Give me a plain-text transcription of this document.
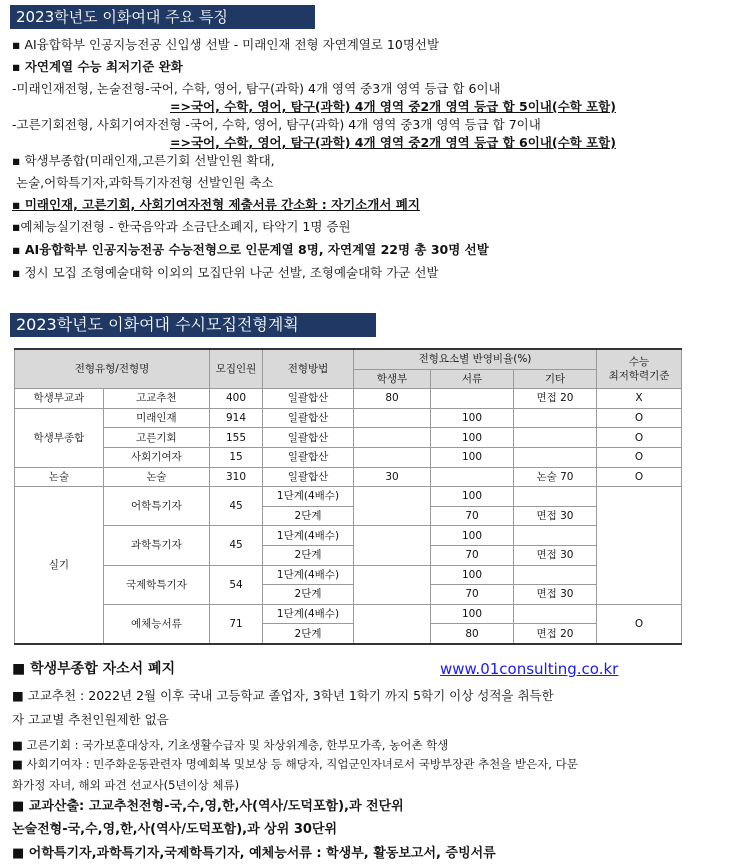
2023학년도 이화여대 주요 특징
▪ AI융합학부 인공지능전공 신입생 선발 - 미래인재 전형 자연계열로 10명선발
▪ 자연계열 수능 최저기준 완화
-미래인재전형, 논술전형-국어, 수학, 영어, 탐구(과학) 4개 영역 중3개 영역 등급 합 6이내
=>국어, 수학, 영어, 탐구(과학) 4개 영역 중2개 영역 등급 합 5이내(수학 포함)
-고른기회전형, 사회기여자전형 -국어, 수학, 영어, 탐구(과학) 4개 영역 중3개 영역 등급 합 7이내
=>국어, 수학, 영어, 탐구(과학) 4개 영역 중2개 영역 등급 합 6이내(수학 포함)
▪ 학생부종합(미래인재,고른기회 선발인원 확대,
논술,어학특기자,과학특기자전형 선발인원 축소
▪ 미래인재, 고른기회, 사회기여자전형 제출서류 간소화 : 자기소개서 폐지
▪예체능실기전형 - 한국음악과 소금단소폐지, 타악기 1명 증원
▪ AI융합학부 인공지능전공 수능전형으로 인문계열 8명, 자연계열 22명 총 30명 선발
▪ 정시 모집 조형예술대학 이외의 모집단위 나군 선발, 조형예술대학 가군 선발
2023학년도 이화여대 수시모집전형계획
전형유형/전형명		모집인원	전형방법	전형요소별 반영비율(%)			수능
최저학력기준
				학생부	서류	기타	
학생부교과	고교추천	400	일괄합산	80		면접 20	X
학생부종합	미래인재	914	일괄합산		100		O
	고른기회	155	일괄합산		100		O
	사회기여자	15	일괄합산		100		O
논술	논술	310	일괄합산	30		논술 70	O
실기	어학특기자	45	1단계(4배수)		100		
			2단계		70	면접 30	
	과학특기자	45	1단계(4배수)		100		
			2단계		70	면접 30	
	국제학특기자	54	1단계(4배수)		100		
			2단계		70	면접 30	
	예체능서류	71	1단계(4배수)		100		O
			2단계		80	면접 20	
■ 학생부종합 자소서 폐지	www.01consulting.co.kr
■ 고교추천 : 2022년 2월 이후 국내 고등학교 졸업자, 3학년 1학기 까지 5학기 이상 성적을 취득한
자 고교별 추천인원제한 없음
■ 고른기회 : 국가보훈대상자, 기초생활수급자 및 차상위계층, 한부모가족, 농어촌 학생
■ 사회기여자 : 민주화운동관련자 명예회복 및보상 등 해당자, 직업군인자녀로서 국방부장관 추천을 받은자, 다문
화가정 자녀, 해외 파견 선교사(5년이상 체류)
■ 교과산출: 고교추천전형-국,수,영,한,사(역사/도덕포함),과 전단위
논술전형-국,수,영,한,사(역사/도덕포함),과 상위 30단위
■ 어학특기자,과학특기자,국제학특기자, 예체능서류 : 학생부, 활동보고서, 증빙서류
